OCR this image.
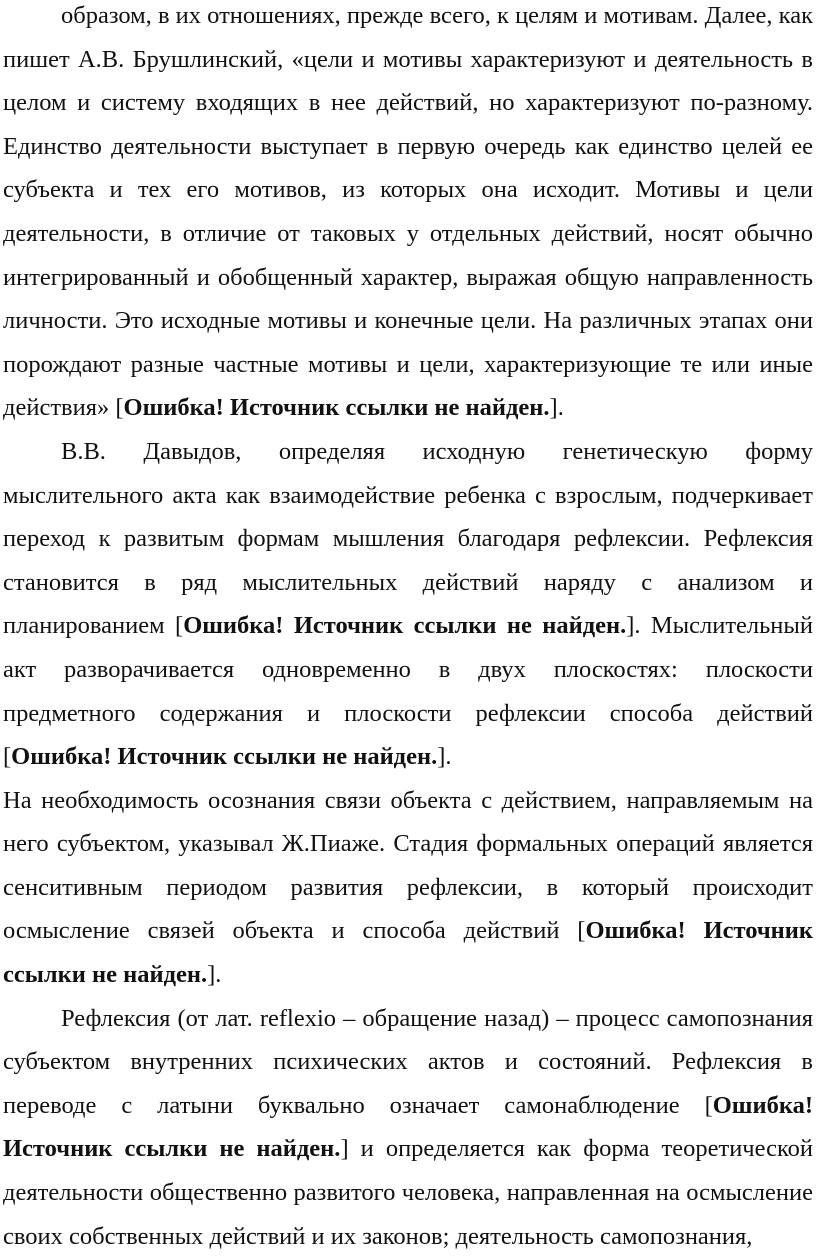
образом, в их отношениях, прежде всего, к целям и мотивам. Далее, как пишет А.В. Брушлинский, «цели и мотивы характеризуют и деятельность в целом и систему входящих в нее действий, но характеризуют по-разному. Единство деятельности выступает в первую очередь как единство целей ее субъекта и тех его мотивов, из которых она исходит. Мотивы и цели деятельности, в отличие от таковых у отдельных действий, носят обычно интегрированный и обобщенный характер, выражая общую направленность личности. Это исходные мотивы и конечные цели. На различных этапах они порождают разные частные мотивы и цели, характеризующие те или иные действия» [Ошибка! Источник ссылки не найден.].

В.В. Давыдов, определяя исходную генетическую форму мыслительного акта как взаимодействие ребенка с взрослым, подчеркивает переход к развитым формам мышления благодаря рефлексии. Рефлексия становится в ряд мыслительных действий наряду с анализом и планированием [Ошибка! Источник ссылки не найден.]. Мыслительный акт разворачивается одновременно в двух плоскостях: плоскости предметного содержания и плоскости рефлексии способа действий [Ошибка! Источник ссылки не найден.].

На необходимость осознания связи объекта с действием, направляемым на него субъектом, указывал Ж.Пиаже. Стадия формальных операций является сенситивным периодом развития рефлексии, в который происходит осмысление связей объекта и способа действий [Ошибка! Источник ссылки не найден.].

Рефлексия (от лат. reflexio – обращение назад) – процесс самопознания субъектом внутренних психических актов и состояний. Рефлексия в переводе с латыни буквально означает самонаблюдение [Ошибка! Источник ссылки не найден.] и определяется как форма теоретической деятельности общественно развитого человека, направленная на осмысление своих собственных действий и их законов; деятельность самопознания,
